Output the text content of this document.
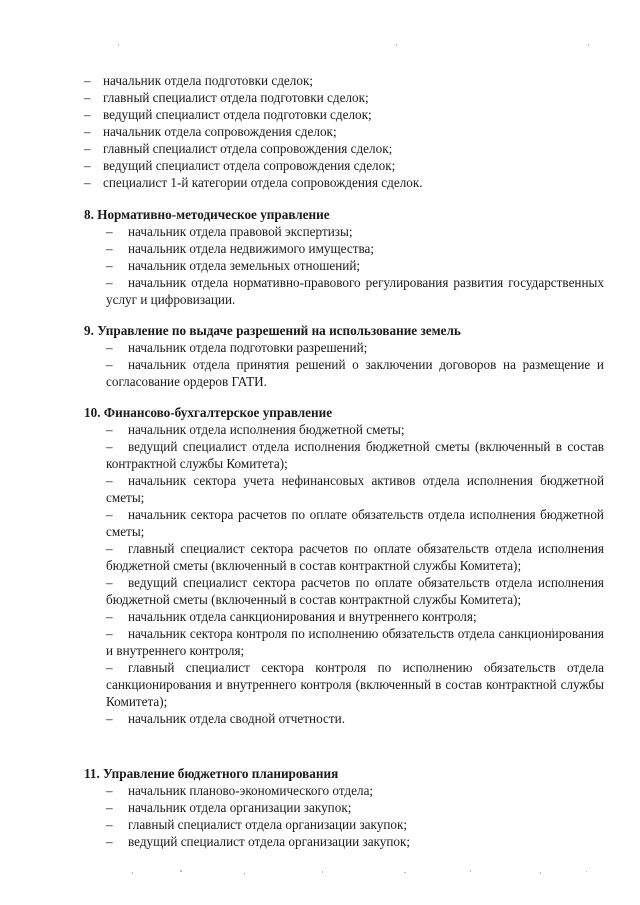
– начальник отдела подготовки сделок;
– главный специалист отдела подготовки сделок;
– ведущий специалист отдела подготовки сделок;
– начальник отдела сопровождения сделок;
– главный специалист отдела сопровождения сделок;
– ведущий специалист отдела сопровождения сделок;
– специалист 1-й категории отдела сопровождения сделок.
8. Нормативно-методическое управление
– начальник отдела правовой экспертизы;
– начальник отдела недвижимого имущества;
– начальник отдела земельных отношений;
– начальник отдела нормативно-правового регулирования развития государственных услуг и цифровизации.
9. Управление по выдаче разрешений на использование земель
– начальник отдела подготовки разрешений;
– начальник отдела принятия решений о заключении договоров на размещение и согласование ордеров ГАТИ.
10. Финансово-бухгалтерское управление
– начальник отдела исполнения бюджетной сметы;
– ведущий специалист отдела исполнения бюджетной сметы (включенный в состав контрактной службы Комитета);
– начальник сектора учета нефинансовых активов отдела исполнения бюджетной сметы;
– начальник сектора расчетов по оплате обязательств отдела исполнения бюджетной сметы;
– главный специалист сектора расчетов по оплате обязательств отдела исполнения бюджетной сметы (включенный в состав контрактной службы Комитета);
– ведущий специалист сектора расчетов по оплате обязательств отдела исполнения бюджетной сметы (включенный в состав контрактной службы Комитета);
– начальник отдела санкционирования и внутреннего контроля;
– начальник сектора контроля по исполнению обязательств отдела санкционирования и внутреннего контроля;
– главный специалист сектора контроля по исполнению обязательств отдела санкционирования и внутреннего контроля (включенный в состав контрактной службы Комитета);
– начальник отдела сводной отчетности.
11. Управление бюджетного планирования
– начальник планово-экономического отдела;
– начальник отдела организации закупок;
– главный специалист отдела организации закупок;
– ведущий специалист отдела организации закупок;
